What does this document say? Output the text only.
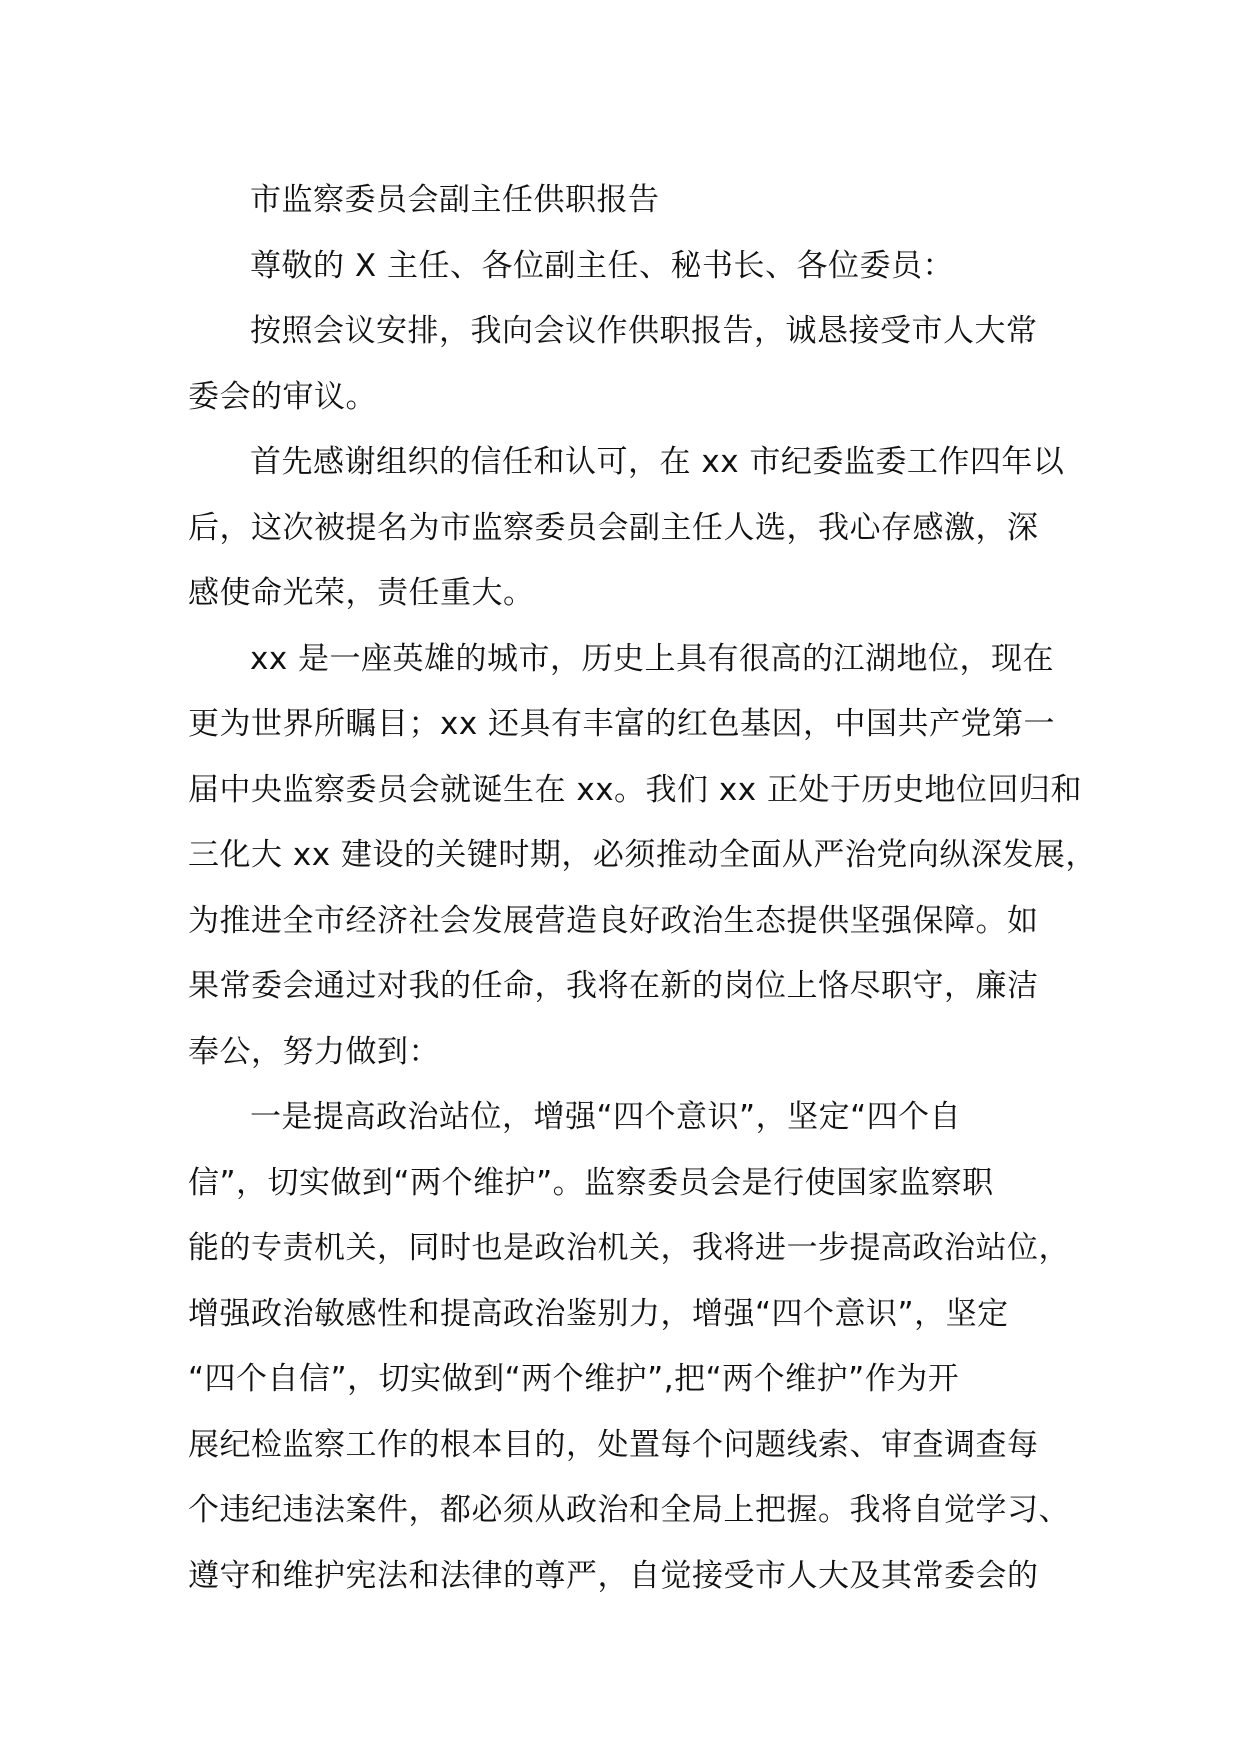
市监察委员会副主任供职报告
尊敬的 X 主任、各位副主任、秘书长、各位委员：
按照会议安排，我向会议作供职报告，诚恳接受市人大常
委会的审议。
首先感谢组织的信任和认可，在 xx 市纪委监委工作四年以
后，这次被提名为市监察委员会副主任人选，我心存感激，深
感使命光荣，责任重大。
xx 是一座英雄的城市，历史上具有很高的江湖地位，现在
更为世界所瞩目；xx 还具有丰富的红色基因，中国共产党第一
届中央监察委员会就诞生在 xx。我们 xx 正处于历史地位回归和
三化大 xx 建设的关键时期，必须推动全面从严治党向纵深发展，
为推进全市经济社会发展营造良好政治生态提供坚强保障。如
果常委会通过对我的任命，我将在新的岗位上恪尽职守，廉洁
奉公，努力做到：
一是提高政治站位，增强“四个意识”，坚定“四个自
信”，切实做到“两个维护”。监察委员会是行使国家监察职
能的专责机关，同时也是政治机关，我将进一步提高政治站位，
增强政治敏感性和提高政治鉴别力，增强“四个意识”，坚定
“四个自信”，切实做到“两个维护”,把“两个维护”作为开
展纪检监察工作的根本目的，处置每个问题线索、审查调查每
个违纪违法案件，都必须从政治和全局上把握。我将自觉学习、
遵守和维护宪法和法律的尊严，自觉接受市人大及其常委会的
